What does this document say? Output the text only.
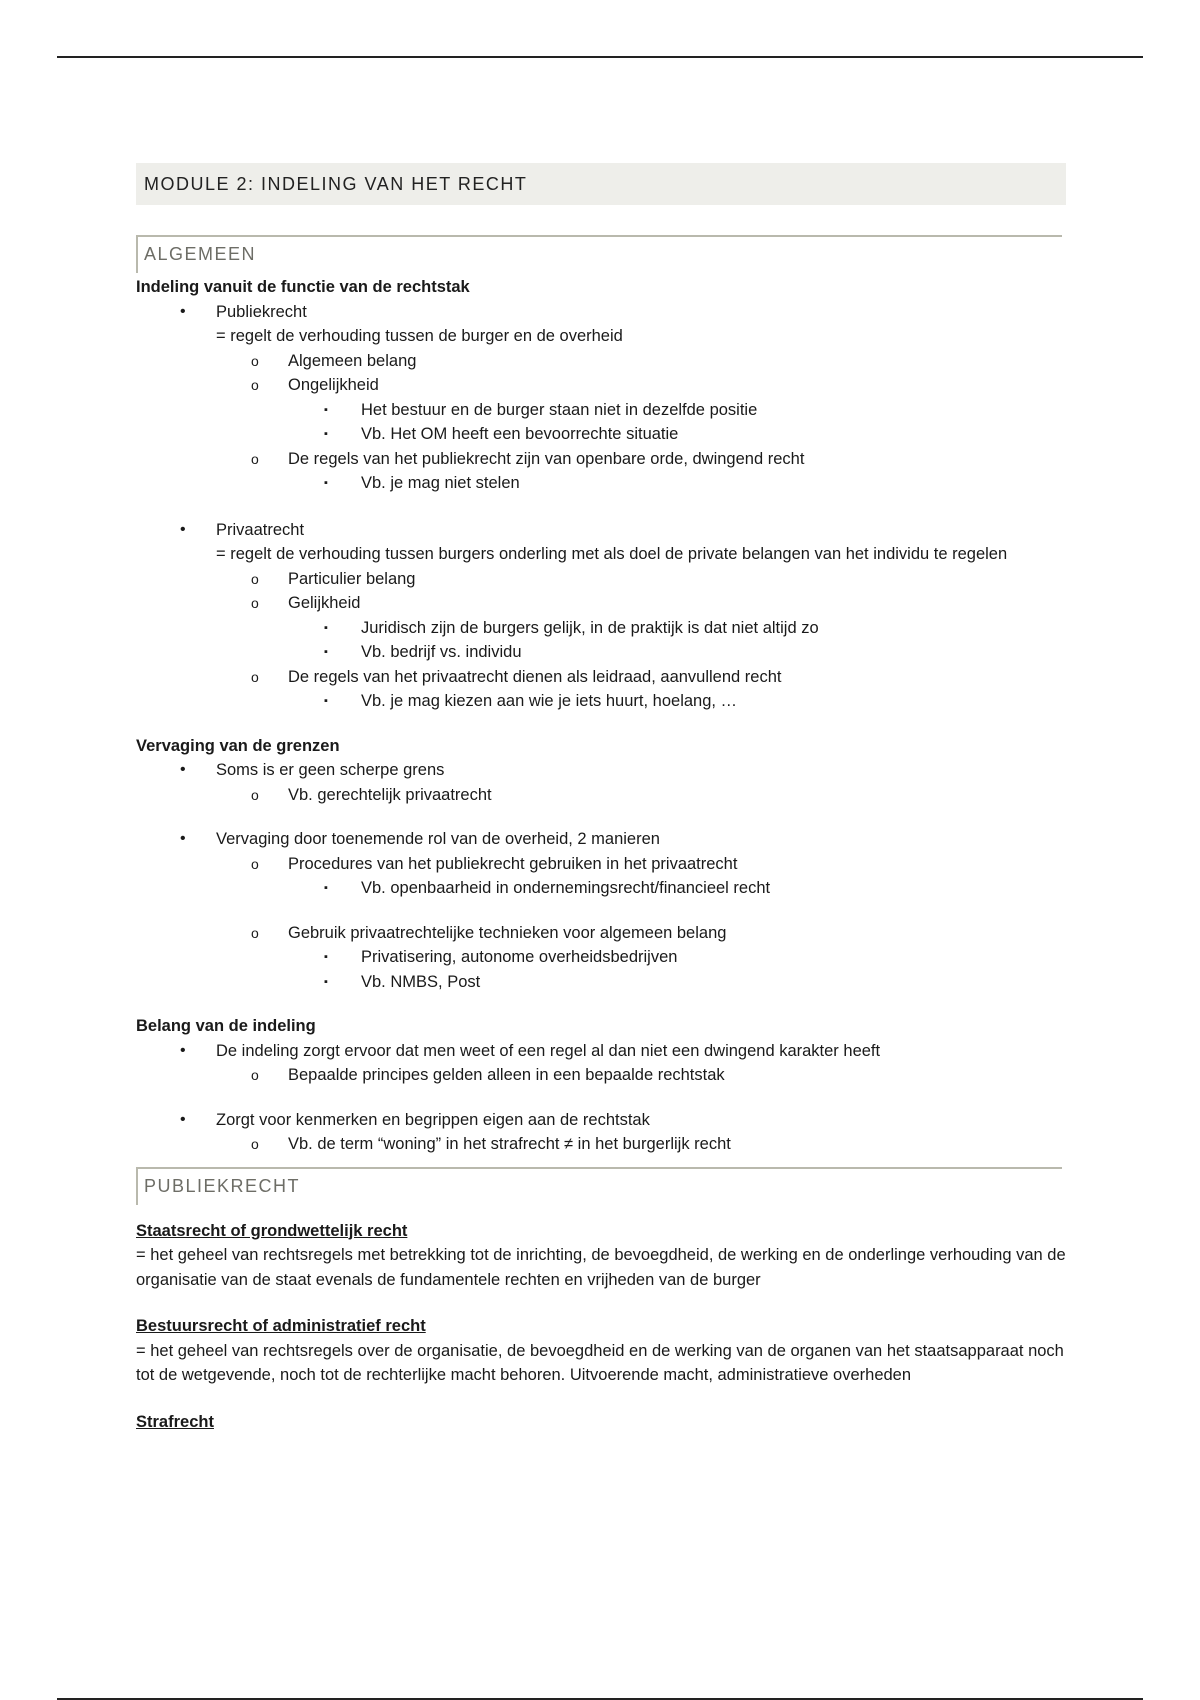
MODULE 2: INDELING VAN HET RECHT
ALGEMEEN

Indeling vanuit de functie van de rechtstak

• Publiekrecht
= regelt de verhouding tussen de burger en de overheid
o Algemeen belang
o Ongelijkheid
▪ Het bestuur en de burger staan niet in dezelfde positie
▪ Vb. Het OM heeft een bevoorrechte situatie
o De regels van het publiekrecht zijn van openbare orde, dwingend recht
▪ Vb. je mag niet stelen
• Privaatrecht
= regelt de verhouding tussen burgers onderling met als doel de private belangen van het individu te regelen
o Particulier belang
o Gelijkheid
▪ Juridisch zijn de burgers gelijk, in de praktijk is dat niet altijd zo
▪ Vb. bedrijf vs. individu
o De regels van het privaatrecht dienen als leidraad, aanvullend recht
▪ Vb. je mag kiezen aan wie je iets huurt, hoelang, …

Vervaging van de grenzen

• Soms is er geen scherpe grens
o Vb. gerechtelijk privaatrecht
• Vervaging door toenemende rol van de overheid, 2 manieren
o Procedures van het publiekrecht gebruiken in het privaatrecht
▪ Vb. openbaarheid in ondernemingsrecht/financieel recht
o Gebruik privaatrechtelijke technieken voor algemeen belang
▪ Privatisering, autonome overheidsbedrijven
▪ Vb. NMBS, Post

Belang van de indeling

• De indeling zorgt ervoor dat men weet of een regel al dan niet een dwingend karakter heeft
o Bepaalde principes gelden alleen in een bepaalde rechtstak
• Zorgt voor kenmerken en begrippen eigen aan de rechtstak
o Vb. de term “woning” in het strafrecht ≠ in het burgerlijk recht
PUBLIEKRECHT

Staatsrecht of grondwettelijk recht

= het geheel van rechtsregels met betrekking tot de inrichting, de bevoegdheid, de werking en de onderlinge verhouding van de organisatie van de staat evenals de fundamentele rechten en vrijheden van de burger

Bestuursrecht of administratief recht

= het geheel van rechtsregels over de organisatie, de bevoegdheid en de werking van de organen van het staatsapparaat noch tot de wetgevende, noch tot de rechterlijke macht behoren. Uitvoerende macht, administratieve overheden

Strafrecht
